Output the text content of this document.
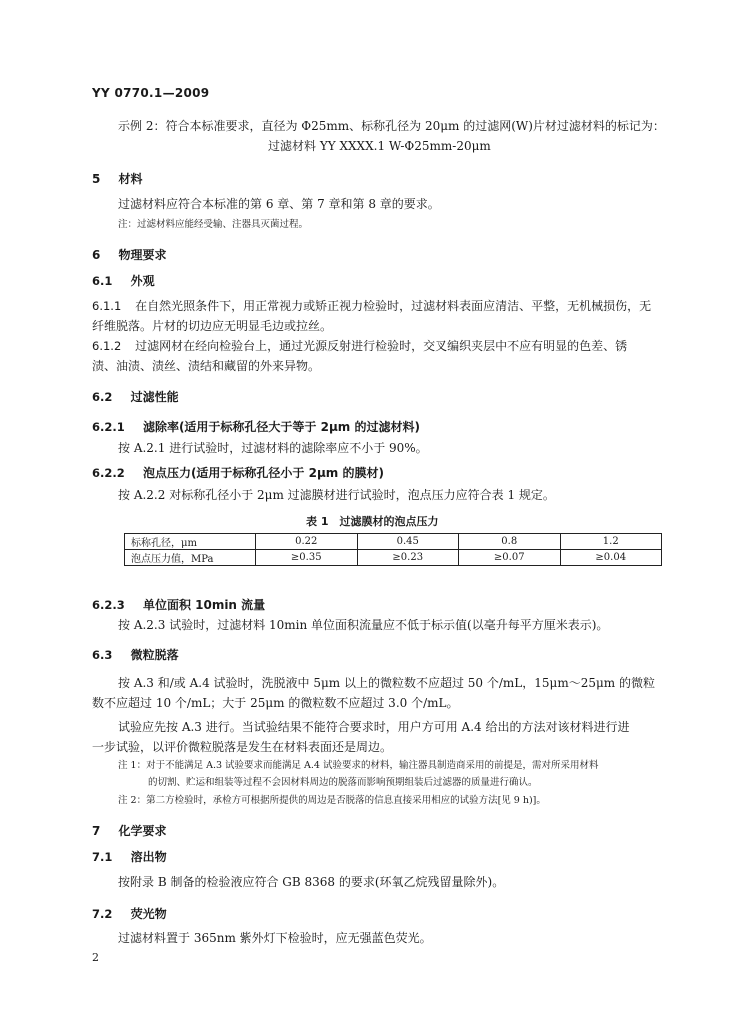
YY 0770.1—2009
示例 2：符合本标准要求，直径为 Φ25mm、标称孔径为 20μm 的过滤网(W)片材过滤材料的标记为：
过滤材料 YY XXXX.1 W-Φ25mm-20μm
5 材料
过滤材料应符合本标准的第 6 章、第 7 章和第 8 章的要求。
注：过滤材料应能经受输、注器具灭菌过程。
6 物理要求
6.1 外观
6.1.1 在自然光照条件下，用正常视力或矫正视力检验时，过滤材料表面应清洁、平整，无机械损伤，无
纤维脱落。片材的切边应无明显毛边或拉丝。
6.1.2 过滤网材在经向检验台上，通过光源反射进行检验时，交叉编织夹层中不应有明显的色差、锈
渍、油渍、渍丝、渍结和藏留的外来异物。
6.2 过滤性能
6.2.1 滤除率(适用于标称孔径大于等于 2μm 的过滤材料)
按 A.2.1 进行试验时，过滤材料的滤除率应不小于 90%。
6.2.2 泡点压力(适用于标称孔径小于 2μm 的膜材)
按 A.2.2 对标称孔径小于 2μm 过滤膜材进行试验时，泡点压力应符合表 1 规定。
表 1　过滤膜材的泡点压力
标称孔径，μm	0.22	0.45	0.8	1.2
泡点压力值，MPa	≥0.35	≥0.23	≥0.07	≥0.04
6.2.3 单位面积 10min 流量
按 A.2.3 试验时，过滤材料 10min 单位面积流量应不低于标示值(以毫升每平方厘米表示)。
6.3 微粒脱落
按 A.3 和/或 A.4 试验时，洗脱液中 5μm 以上的微粒数不应超过 50 个/mL，15μm～25μm 的微粒
数不应超过 10 个/mL；大于 25μm 的微粒数不应超过 3.0 个/mL。
试验应先按 A.3 进行。当试验结果不能符合要求时，用户方可用 A.4 给出的方法对该材料进行进
一步试验，以评价微粒脱落是发生在材料表面还是周边。
注 1：对于不能满足 A.3 试验要求而能满足 A.4 试验要求的材料，输注器具制造商采用的前提是，需对所采用材料
的切割、贮运和组装等过程不会因材料周边的脱落而影响预期组装后过滤器的质量进行确认。
注 2：第二方检验时，承检方可根据所提供的周边是否脱落的信息直接采用相应的试验方法[见 9 h)]。
7 化学要求
7.1 溶出物
按附录 B 制备的检验液应符合 GB 8368 的要求(环氧乙烷残留量除外)。
7.2 荧光物
过滤材料置于 365nm 紫外灯下检验时，应无强蓝色荧光。
2
